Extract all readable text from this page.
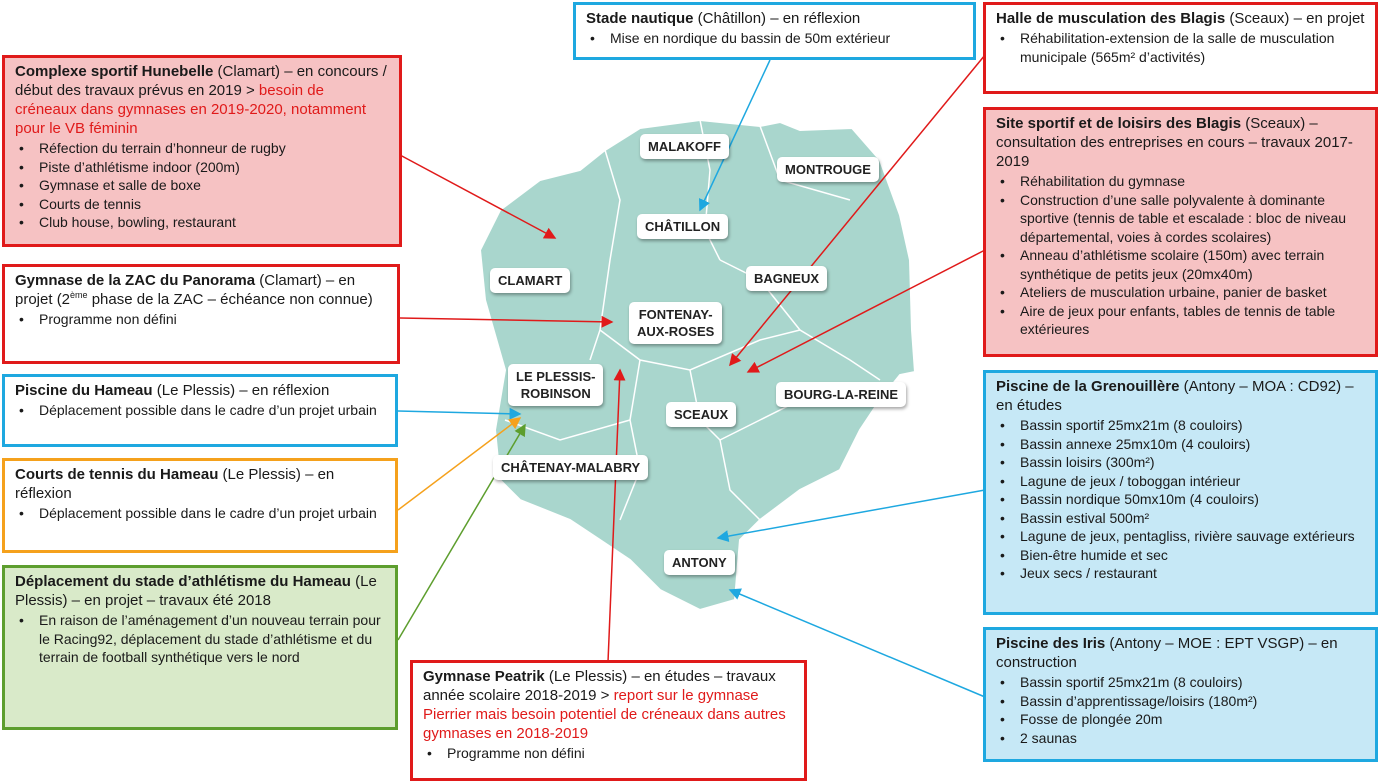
MALAKOFF
MONTROUGE
CHÂTILLON
CLAMART	BAGNEUX
FONTENAY-
AUX-ROSES
LE PLESSIS-
ROBINSON
SCEAUX
BOURG-LA-REINE
CHÂTENAY-MALABRY
ANTONY
Stade nautique (Châtillon) – en réflexion
• Mise en nordique du bassin de 50m extérieur
Halle de musculation des Blagis (Sceaux) – en projet
• Réhabilitation-extension de la salle de musculation municipale (565m² d’activités)
Complexe sportif Hunebelle (Clamart) – en concours / début des travaux prévus en 2019 > besoin de créneaux dans gymnases en 2019-2020, notamment pour le VB féminin
• Réfection du terrain d’honneur de rugby
• Piste d’athlétisme indoor (200m)
• Gymnase et salle de boxe
• Courts de tennis
• Club house, bowling, restaurant
Site sportif et de loisirs des Blagis (Sceaux) – consultation des entreprises en cours – travaux 2017-2019
• Réhabilitation du gymnase
• Construction d’une salle polyvalente à dominante sportive (tennis de table et escalade : bloc de niveau départemental, voies à cordes scolaires)
• Anneau d’athlétisme scolaire (150m) avec terrain synthétique de petits jeux (20mx40m)
• Ateliers de musculation urbaine, panier de basket
• Aire de jeux pour enfants, tables de tennis de table extérieures
Gymnase de la ZAC du Panorama (Clamart) – en projet (2ème phase de la ZAC – échéance non connue)
• Programme non défini
Piscine du Hameau (Le Plessis) – en réflexion
• Déplacement possible dans le cadre d’un projet urbain
Piscine de la Grenouillère (Antony – MOA : CD92) – en études
• Bassin sportif 25mx21m (8 couloirs)
• Bassin annexe 25mx10m (4 couloirs)
• Bassin loisirs (300m²)
• Lagune de jeux / toboggan intérieur
• Bassin nordique 50mx10m (4 couloirs)
• Bassin estival 500m²
• Lagune de jeux, pentagliss, rivière sauvage extérieurs
• Bien-être humide et sec
• Jeux secs / restaurant
Courts de tennis du Hameau (Le Plessis) – en réflexion
• Déplacement possible dans le cadre d’un projet urbain
Déplacement du stade d’athlétisme du Hameau (Le Plessis) – en projet – travaux été 2018
• En raison de l’aménagement d’un nouveau terrain pour le Racing92, déplacement du stade d’athlétisme et du terrain de football synthétique vers le nord
Piscine des Iris (Antony – MOE : EPT VSGP) – en construction
• Bassin sportif 25mx21m (8 couloirs)
• Bassin d’apprentissage/loisirs (180m²)
• Fosse de plongée 20m
• 2 saunas
Gymnase Peatrik (Le Plessis) – en études – travaux année scolaire 2018-2019 > report sur le gymnase Pierrier mais besoin potentiel de créneaux dans autres gymnases en 2018-2019
• Programme non défini
